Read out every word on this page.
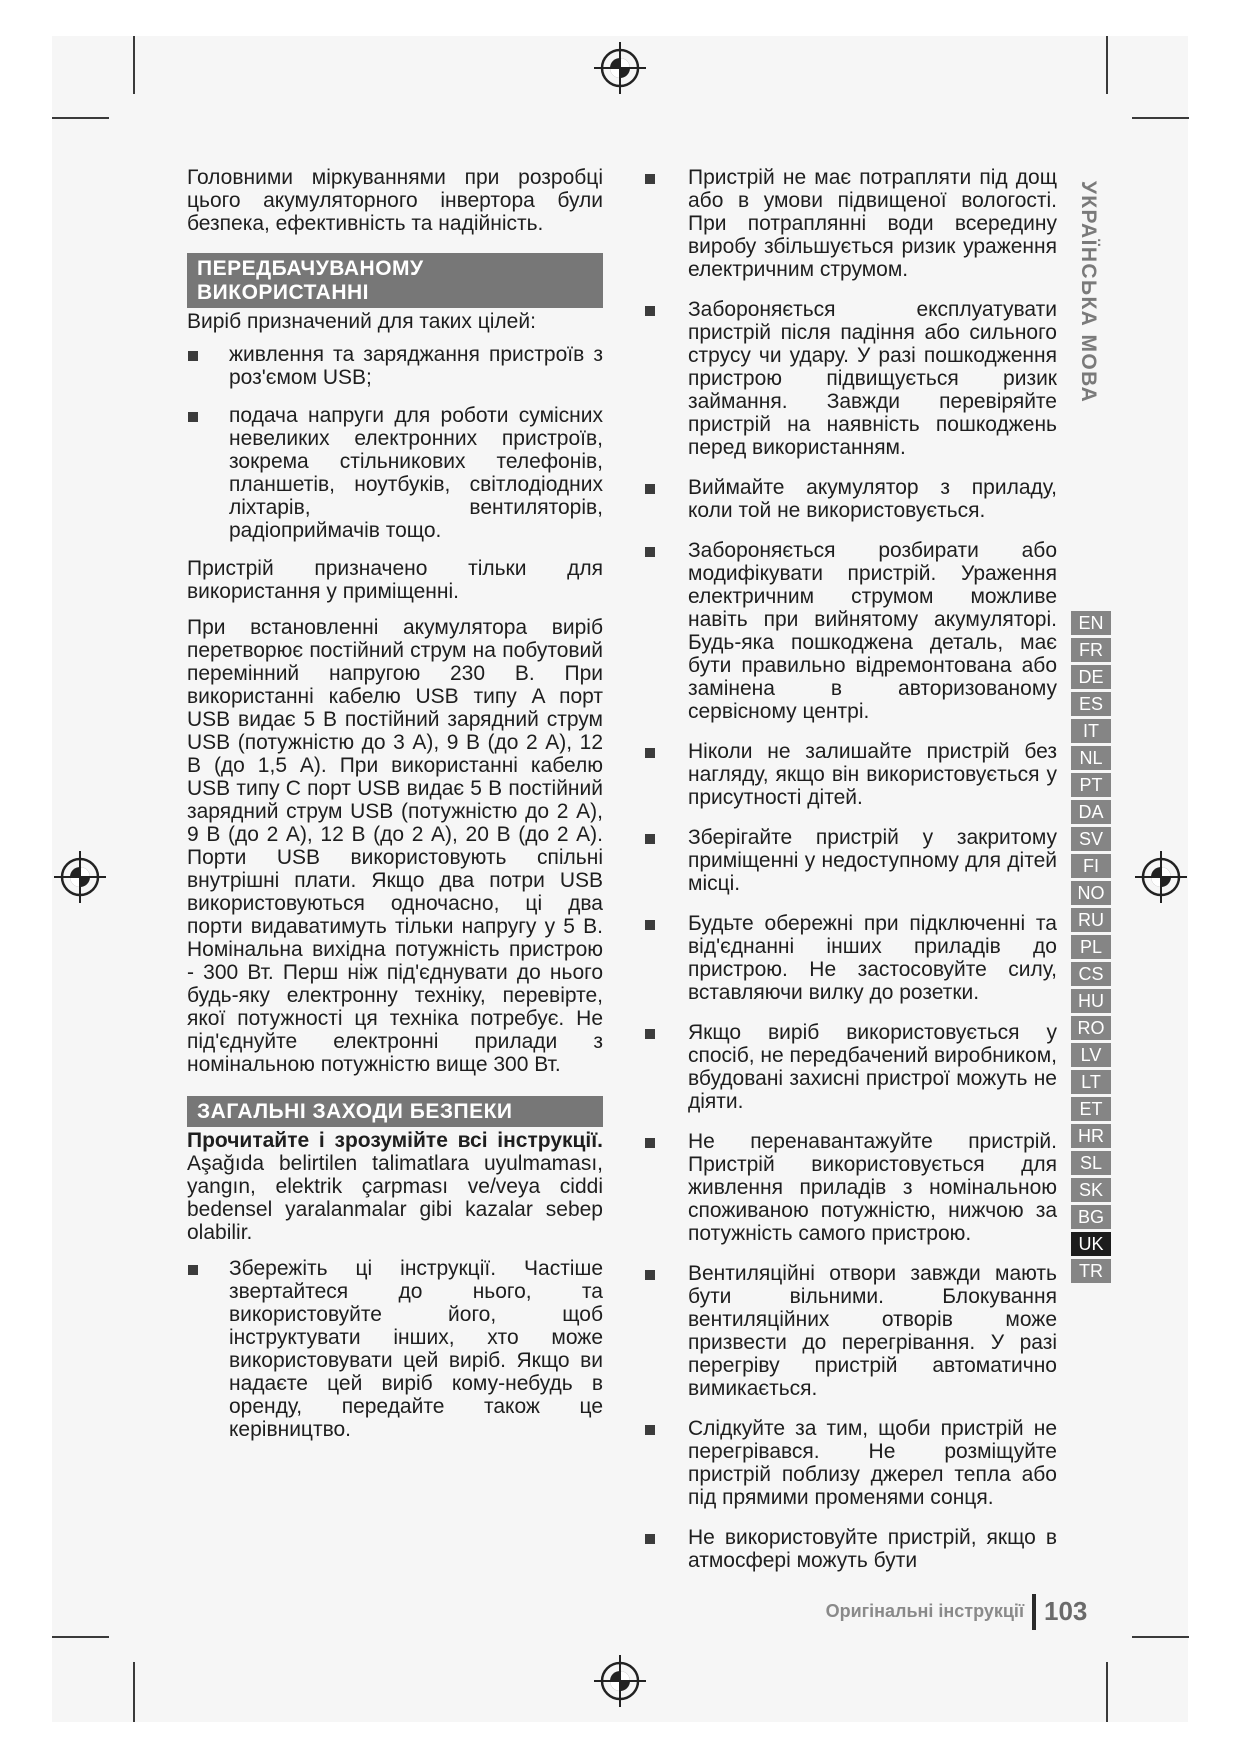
Головними міркуваннями при розробці цього акумуляторного інвертора були безпека, ефективність та надійність.

ПЕРЕДБАЧУВАНОМУ ВИКОРИСТАННІ

Виріб призначений для таких цілей:

живлення та заряджання пристроїв з роз'ємом USB;
подача напруги для роботи сумісних невеликих електронних пристроїв, зокрема стільникових телефонів, планшетів, ноутбуків, світлодіодних ліхтарів, вентиляторів, радіоприймачів тощо.

Пристрій призначено тільки для використання у приміщенні.

При встановленні акумулятора виріб перетворює постійний струм на побутовий перемінний напругою 230 В. При використанні кабелю USB типу A порт USB видає 5 В постійний зарядний струм USB (потужністю до 3 A), 9 В (до 2 A), 12 В (до 1,5 A). При використанні кабелю USB типу C порт USB видає 5 В постійний зарядний струм USB (потужністю до 2 A), 9 В (до 2 A), 12 В (до 2 A), 20 В (до 2 A). Порти USB використовують спільні внутрішні плати. Якщо два потри USB використовуються одночасно, ці два порти видаватимуть тільки напругу у 5 В. Номінальна вихідна потужність пристрою - 300 Вт. Перш ніж під'єднувати до нього будь-яку електронну техніку, перевірте, якої потужності ця техніка потребує. Не під'єднуйте електронні прилади з номінальною потужністю вище 300 Вт.

ЗАГАЛЬНІ ЗАХОДИ БЕЗПЕКИ

Прочитайте і зрозумійте всі інструкції. Aşağıda belirtilen talimatlara uyulmaması, yangın, elektrik çarpması ve/veya ciddi bedensel yaralanmalar gibi kazalar sebep olabilir.

Збережіть ці інструкції. Частіше звертайтеся до нього, та використовуйте його, щоб інструктувати інших, хто може використовувати цей виріб. Якщо ви надаєте цей виріб кому-небудь в оренду, передайте також це керівництво.
Пристрій не має потрапляти під дощ або в умови підвищеної вологості. При потраплянні води всередину виробу збільшується ризик ураження електричним струмом.
Забороняється експлуатувати пристрій після падіння або сильного струсу чи удару. У разі пошкодження пристрою підвищується ризик займання. Завжди перевіряйте пристрій на наявність пошкоджень перед використанням.
Виймайте акумулятор з приладу, коли той не використовується.
Забороняється розбирати або модифікувати пристрій. Ураження електричним струмом можливе навіть при вийнятому акумуляторі. Будь-яка пошкоджена деталь, має бути правильно відремонтована або замінена в авторизованому сервісному центрі.
Ніколи не залишайте пристрій без нагляду, якщо він використовується у присутності дітей.
Зберігайте пристрій у закритому приміщенні у недоступному для дітей місці.
Будьте обережні при підключенні та від'єднанні інших приладів до пристрою. Не застосовуйте силу, вставляючи вилку до розетки.
Якщо виріб використовується у спосіб, не передбачений виробником, вбудовані захисні пристрої можуть не діяти.
Не перенавантажуйте пристрій. Пристрій використовується для живлення приладів з номінальною споживаною потужністю, нижчою за потужність самого пристрою.
Вентиляційні отвори завжди мають бути вільними. Блокування вентиляційних отворів може призвести до перегрівання. У разі перегріву пристрій автоматично вимикається.
Слідкуйте за тим, щоби пристрій не перегрівався. Не розміщуйте пристрій поблизу джерел тепла або під прямими променями сонця.
Не використовуйте пристрій, якщо в атмосфері можуть бути
УКРАЇНСЬКА МОВА
EN
FR
DE
ES
IT
NL
PT
DA
SV
FI
NO
RU
PL
CS
HU
RO
LV
LT
ET
HR
SL
SK
BG
UK
TR
Оригінальні інструкції 103
